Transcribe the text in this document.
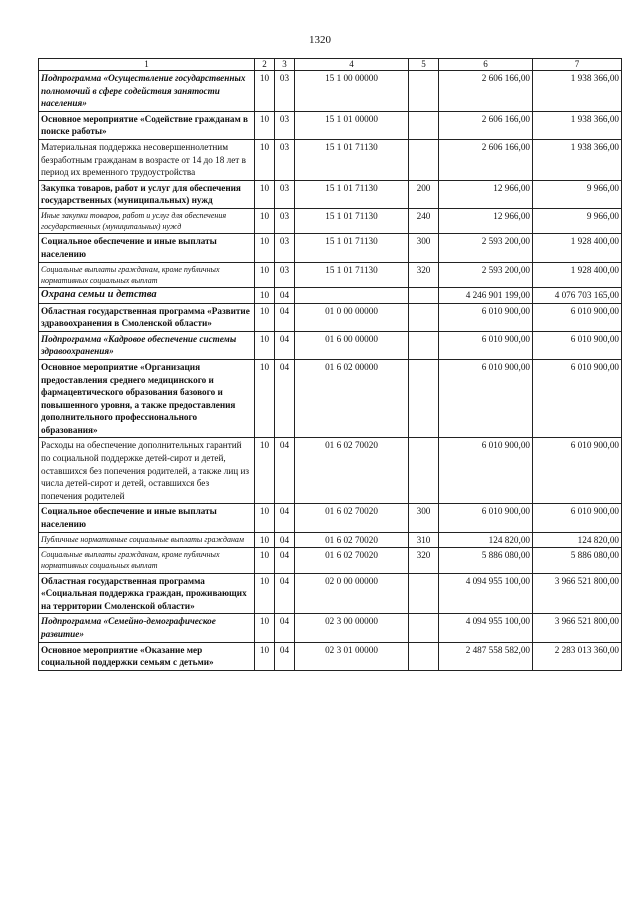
1320
1	2	3	4	5	6	7
Подпрограмма «Осуществление государственных полномочий в сфере содействия занятости населения»	10	03	15 1 00 00000		2 606 166,00	1 938 366,00
Основное мероприятие «Содействие гражданам в поиске работы»	10	03	15 1 01 00000		2 606 166,00	1 938 366,00
Материальная поддержка несовершеннолетним безработным гражданам в возрасте от 14 до 18 лет в период их временного трудоустройства	10	03	15 1 01 71130		2 606 166,00	1 938 366,00
Закупка товаров, работ и услуг для обеспечения государственных (муниципальных) нужд	10	03	15 1 01 71130	200	12 966,00	9 966,00
Иные закупки товаров, работ и услуг для обеспечения государственных (муниципальных) нужд	10	03	15 1 01 71130	240	12 966,00	9 966,00
Социальное обеспечение и иные выплаты населению	10	03	15 1 01 71130	300	2 593 200,00	1 928 400,00
Социальные выплаты гражданам, кроме публичных нормативных социальных выплат	10	03	15 1 01 71130	320	2 593 200,00	1 928 400,00
Охрана семьи и детства	10	04			4 246 901 199,00	4 076 703 165,00
Областная государственная программа «Развитие здравоохранения в Смоленской области»	10	04	01 0 00 00000		6 010 900,00	6 010 900,00
Подпрограмма «Кадровое обеспечение системы здравоохранения»	10	04	01 6 00 00000		6 010 900,00	6 010 900,00
Основное мероприятие «Организация предоставления среднего медицинского и фармацевтического образования базового и повышенного уровня, а также предоставления дополнительного профессионального образования»	10	04	01 6 02 00000		6 010 900,00	6 010 900,00
Расходы на обеспечение дополнительных гарантий по социальной поддержке детей-сирот и детей, оставшихся без попечения родителей, а также лиц из числа детей-сирот и детей, оставшихся без попечения родителей	10	04	01 6 02 70020		6 010 900,00	6 010 900,00
Социальное обеспечение и иные выплаты населению	10	04	01 6 02 70020	300	6 010 900,00	6 010 900,00
Публичные нормативные социальные выплаты гражданам	10	04	01 6 02 70020	310	124 820,00	124 820,00
Социальные выплаты гражданам, кроме публичных нормативных социальных выплат	10	04	01 6 02 70020	320	5 886 080,00	5 886 080,00
Областная государственная программа «Социальная поддержка граждан, проживающих на территории Смоленской области»	10	04	02 0 00 00000		4 094 955 100,00	3 966 521 800,00
Подпрограмма «Семейно-демографическое развитие»	10	04	02 3 00 00000		4 094 955 100,00	3 966 521 800,00
Основное мероприятие «Оказание мер социальной поддержки семьям с детьми»	10	04	02 3 01 00000		2 487 558 582,00	2 283 013 360,00
